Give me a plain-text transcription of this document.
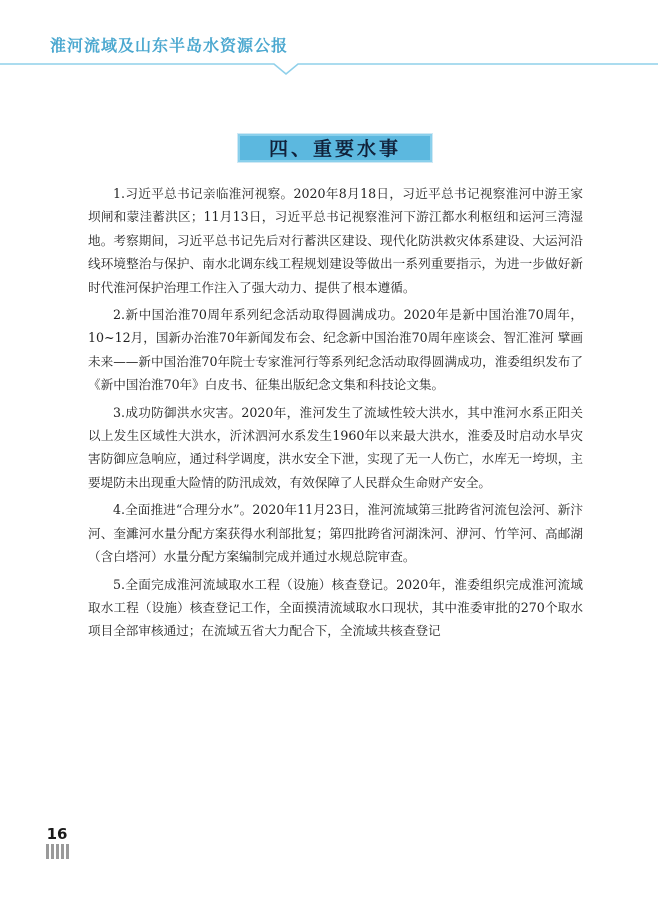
淮河流域及山东半岛水资源公报
四、重要水事

1.习近平总书记亲临淮河视察。2020年8月18日，习近平总书记视察淮河中游王家坝闸和蒙洼蓄洪区；11月13日，习近平总书记视察淮河下游江都水利枢纽和运河三湾湿地。考察期间，习近平总书记先后对行蓄洪区建设、现代化防洪救灾体系建设、大运河沿线环境整治与保护、南水北调东线工程规划建设等做出一系列重要指示，为进一步做好新时代淮河保护治理工作注入了强大动力、提供了根本遵循。

2.新中国治淮70周年系列纪念活动取得圆满成功。2020年是新中国治淮70周年，10~12月，国新办治淮70年新闻发布会、纪念新中国治淮70周年座谈会、智汇淮河 擘画未来——新中国治淮70年院士专家淮河行等系列纪念活动取得圆满成功，淮委组织发布了《新中国治淮70年》白皮书、征集出版纪念文集和科技论文集。

3.成功防御洪水灾害。2020年，淮河发生了流域性较大洪水，其中淮河水系正阳关以上发生区域性大洪水，沂沭泗河水系发生1960年以来最大洪水，淮委及时启动水旱灾害防御应急响应，通过科学调度，洪水安全下泄，实现了无一人伤亡，水库无一垮坝，主要堤防未出现重大险情的防汛成效，有效保障了人民群众生命财产安全。

4.全面推进“合理分水”。2020年11月23日，淮河流域第三批跨省河流包浍河、新汴河、奎濉河水量分配方案获得水利部批复；第四批跨省河湖洙河、洢河、竹竿河、高邮湖（含白塔河）水量分配方案编制完成并通过水规总院审查。

5.全面完成淮河流域取水工程（设施）核查登记。2020年，淮委组织完成淮河流域取水工程（设施）核查登记工作，全面摸清流域取水口现状，其中淮委审批的270个取水项目全部审核通过；在流域五省大力配合下，全流域共核查登记

16
